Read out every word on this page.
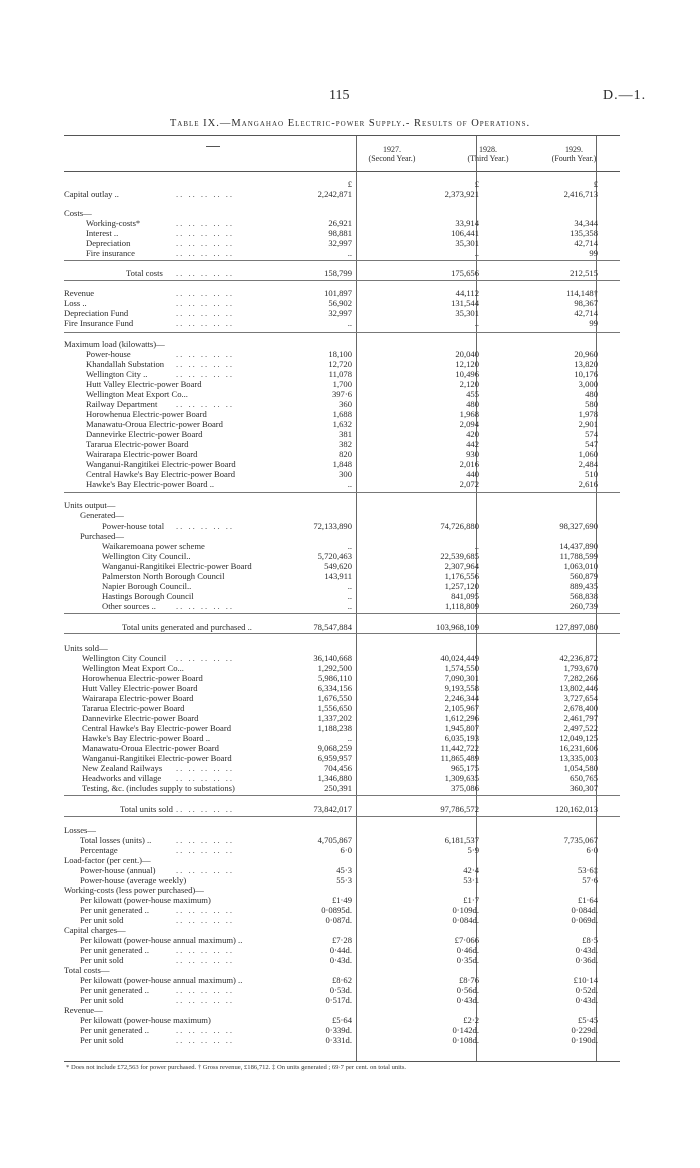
115	D.—1.
Table IX.—Mangahao Electric-power Supply.- Results of Operations.
1927.
(Second Year.)
1928.
(Third Year.)
1929.
(Fourth Year.)
£	£	£
Capital outlay ..	.. .. .. .. ..	2,242,871	2,373,921	2,416,713
Costs—
Working-costs*	.. .. .. .. ..	26,921	33,914	34,344
Interest ..	.. .. .. .. ..	98,881	106,441	135,358
Depreciation	.. .. .. .. ..	32,997	35,301	42,714
Fire insurance	.. .. .. .. ..	..	..	99
Total costs .. .. .. .. ..	158,799	175,656	212,515
Revenue	.. .. .. .. ..	101,897	44,112	114,148†
Loss ..	.. .. .. .. ..	56,902	131,544	98,367
Depreciation Fund	.. .. .. .. ..	32,997	35,301	42,714
Fire Insurance Fund	.. .. .. .. ..	..	..	99
Maximum load (kilowatts)—
Power-house	.. .. .. .. ..	18,100	20,040	20,960
Khandallah Substation .. .. .. .. ..	12,720	12,120	13,820
Wellington City ..	.. .. .. .. ..	11,078	10,496	10,176
Hutt Valley Electric-power Board	1,700	2,120	3,000
Wellington Meat Export Co...	397·6	455	480
Railway Department .. .. .. .. ..	360	480	580
Horowhenua Electric-power Board	1,688	1,968	1,978
Manawatu-Oroua Electric-power Board	1,632	2,094	2,901
Dannevirke Electric-power Board	381	420	574
Tararua Electric-power Board	382	442	547
Wairarapa Electric-power Board	820	930	1,060
Wanganui-Rangitikei Electric-power Board	1,848	2,016	2,484
Central Hawke's Bay Electric-power Board	300	440	510
Hawke's Bay Electric-power Board ..	..	2,072	2,616
Units output—
Generated—
Power-house total .. .. .. .. ..	72,133,890	74,726,880	98,327,690
Purchased—
Waikaremoana power scheme	..	..	14,437,890
Wellington City Council..	5,720,463	22,539,685	11,788,599
Wanganui-Rangitikei Electric-power Board	549,620	2,307,964	1,063,010
Palmerston North Borough Council	143,911	1,176,556	560,879
Napier Borough Council..	..	1,257,120	889,435
Hastings Borough Council	..	841,095	568,838
Other sources .. .. .. .. .. ..	..	1,118,809	260,739
Total units generated and purchased ..	78,547,884	103,968,109	127,897,080
Units sold—
Wellington City Council .. .. .. .. ..	36,140,668	40,024,449	42,236,872
Wellington Meat Export Co...	1,292,500	1,574,550	1,793,670
Horowhenua Electric-power Board	5,986,110	7,090,301	7,282,266
Hutt Valley Electric-power Board	6,334,156	9,193,558	13,802,446
Wairarapa Electric-power Board	1,676,550	2,246,344	3,727,654
Tararua Electric-power Board	1,556,650	2,105,967	2,678,400
Dannevirke Electric-power Board	1,337,202	1,612,296	2,461,797
Central Hawke's Bay Electric-power Board	1,188,238	1,945,807	2,497,522
Hawke's Bay Electric-power Board ..	..	6,035,193	12,049,125
Manawatu-Oroua Electric-power Board	9,068,259	11,442,722	16,231,606
Wanganui-Rangitikei Electric-power Board	6,959,957	11,865,489	13,335,003
New Zealand Railways .. .. .. .. ..	704,456	965,175	1,054,580
Headworks and village .. .. .. .. ..	1,346,880	1,309,635	650,765
Testing, &c. (includes supply to substations)	250,391	375,086	360,307
Total units sold .. .. .. .. ..	73,842,017	97,786,572	120,162,013
Losses—
Total losses (units) ..	.. .. .. .. ..	4,705,867	6,181,537	7,735,067
Percentage	.. .. .. .. ..	6·0	5·9	6·0
Load-factor (per cent.)—
Power-house (annual) .. .. .. .. ..	45·3	42·4	53·6‡
Power-house (average weekly)	55·3	53·1	57·6
Working-costs (less power purchased)—
Per kilowatt (power-house maximum)	£1·49	£1·7	£1·64
Per unit generated ..	.. .. .. .. ..	0·0895d.	0·109d.	0·084d.
Per unit sold	.. .. .. .. ..	0·087d.	0·084d.	0·069d.
Capital charges—
Per kilowatt (power-house annual maximum) ..	£7·28	£7·066	£8·5
Per unit generated ..	.. .. .. .. ..	0·44d.	0·46d.	0·43d.
Per unit sold	.. .. .. .. ..	0·43d.	0·35d.	0·36d.
Total costs—
Per kilowatt (power-house annual maximum) ..	£8·62	£8·76	£10·14
Per unit generated ..	.. .. .. .. ..	0·53d.	0·56d.	0·52d.
Per unit sold	.. .. .. .. ..	0·517d.	0·43d.	0·43d.
Revenue—
Per kilowatt (power-house maximum)	£5·64	£2·2	£5·45
Per unit generated ..	.. .. .. .. ..	0·339d.	0·142d.	0·229d.
Per unit sold	.. .. .. .. ..	0·331d.	0·108d.	0·190d.
* Does not include £72,563 for power purchased. † Gross revenue, £186,712. ‡ On units generated ; 69·7 per cent. on total units.
